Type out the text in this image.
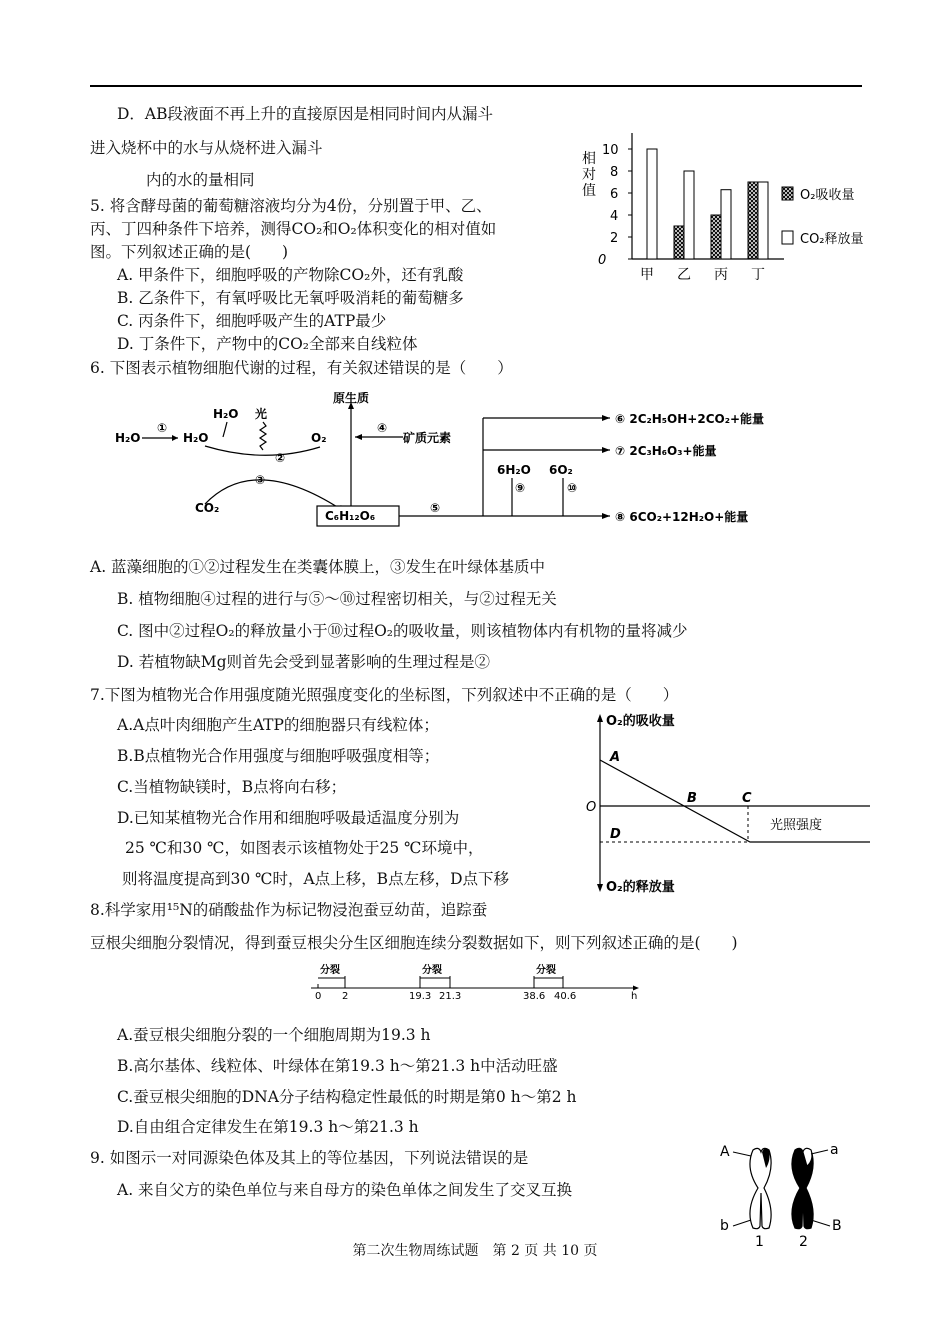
D．AB段液面不再上升的直接原因是相同时间内从漏斗
进入烧杯中的水与从烧杯进入漏斗
内的水的量相同
5. 将含酵母菌的葡萄糖溶液均分为4份，分别置于甲、乙、
丙、丁四种条件下培养，测得CO₂和O₂体积变化的相对值如
图。下列叙述正确的是(　　)
A. 甲条件下，细胞呼吸的产物除CO₂外，还有乳酸
B. 乙条件下，有氧呼吸比无氧呼吸消耗的葡萄糖多
C. 丙条件下，细胞呼吸产生的ATP最少
D. 丁条件下，产物中的CO₂全部来自线粒体
6. 下图表示植物细胞代谢的过程，有关叙述错误的是（　　）
A. 蓝藻细胞的①②过程发生在类囊体膜上，③发生在叶绿体基质中
B. 植物细胞④过程的进行与⑤～⑩过程密切相关，与②过程无关
C. 图中②过程O₂的释放量小于⑩过程O₂的吸收量，则该植物体内有机物的量将减少
D. 若植物缺Mg则首先会受到显著影响的生理过程是②
7.下图为植物光合作用强度随光照强度变化的坐标图，下列叙述中不正确的是（　　）
A.A点叶肉细胞产生ATP的细胞器只有线粒体；
B.B点植物光合作用强度与细胞呼吸强度相等；
C.当植物缺镁时，B点将向右移；
D.已知某植物光合作用和细胞呼吸最适温度分别为
25 ℃和30 ℃，如图表示该植物处于25 ℃环境中，
则将温度提高到30 ℃时，A点上移，B点左移，D点下移
8.科学家用¹⁵N的硝酸盐作为标记物浸泡蚕豆幼苗，追踪蚕
豆根尖细胞分裂情况，得到蚕豆根尖分生区细胞连续分裂数据如下，则下列叙述正确的是(　　)
A.蚕豆根尖细胞分裂的一个细胞周期为19.3 h
B.高尔基体、线粒体、叶绿体在第19.3 h～第21.3 h中活动旺盛
C.蚕豆根尖细胞的DNA分子结构稳定性最低的时期是第0 h～第2 h
D.自由组合定律发生在第19.3 h～第21.3 h
9. 如图示一对同源染色体及其上的等位基因，下列说法错误的是
A. 来自父方的染色单位与来自母方的染色单体之间发生了交叉互换
0
2
4
6
8
10
甲 乙 丙 丁
相对值	O₂吸收量
CO₂释放量
H₂O
①
H₂O
H₂O 光
②
O₂
③
CO₂
原生质
④
矿质元素
C₆H₁₂O₆
⑤
⑥ 2C₂H₅OH+2CO₂+能量
⑦ 2C₃H₆O₃+能量
6H₂O 6O₂
⑨	⑩
⑧ 6CO₂+12H₂O+能量
O₂的吸收量
O₂的释放量
O
光照强度
A
B	C
D
分裂	分裂	分裂
0 2	19.3 21.3	38.6 40.6	h
A
b
a
B
1	2
第二次生物周练试题　第 2 页 共 10 页
